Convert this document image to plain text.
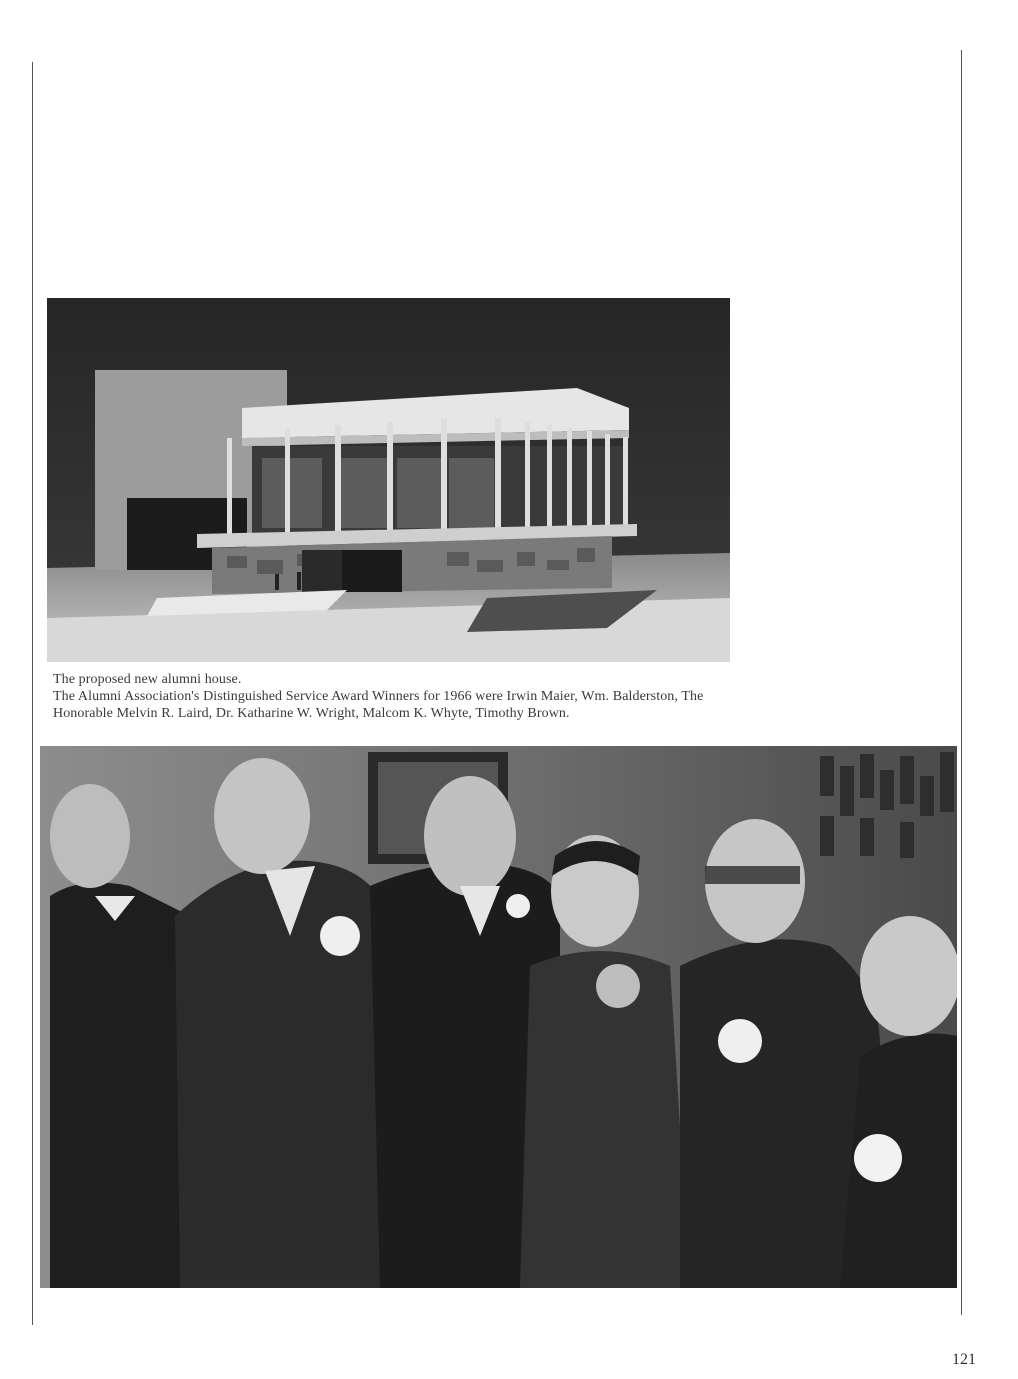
The proposed new alumni house.
The Alumni Association's Distinguished Service Award Winners for 1966 were Irwin Maier, Wm. Balderston, The Honorable Melvin R. Laird, Dr. Katharine W. Wright, Malcom K. Whyte, Timothy Brown.
121
